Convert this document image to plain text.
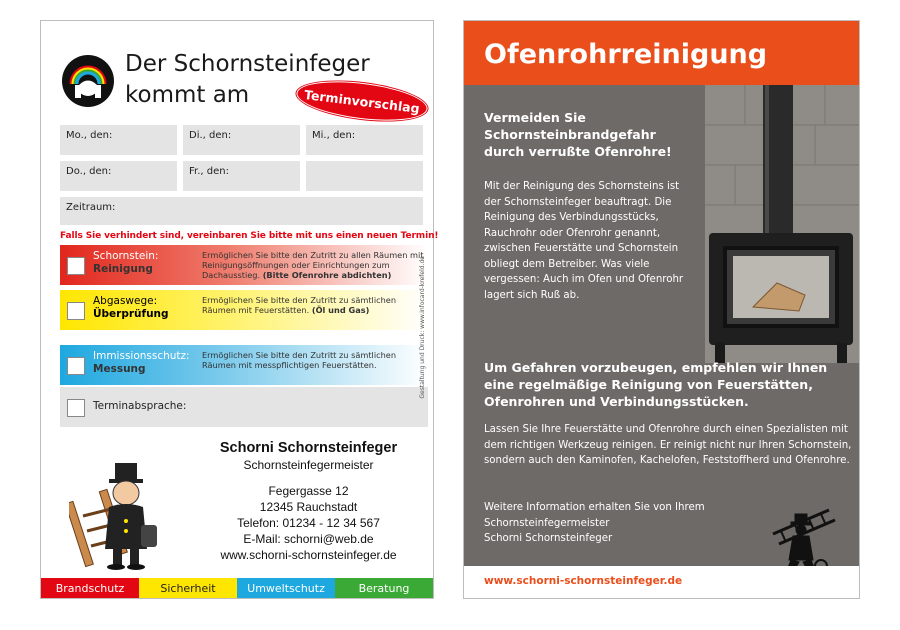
Der Schornsteinfeger
kommt am	Terminvorschlag
Mo., den:	Di., den:	Mi., den:
Do., den:	Fr., den:
Zeitraum:
Falls Sie verhindert sind, vereinbaren Sie bitte mit uns einen neuen Termin!
Schornstein:
Reinigung
Ermöglichen Sie bitte den Zutritt zu allen Räumen mit Reinigungsöffnungen oder Einrichtungen zum Dachausstieg. (Bitte Ofenrohre abdichten)
Abgaswege:
Überprüfung
Ermöglichen Sie bitte den Zutritt zu sämtlichen Räumen mit Feuerstätten. (Öl und Gas)
Immissionsschutz:
Messung
Ermöglichen Sie bitte den Zutritt zu sämtlichen Räumen mit messpflichtigen Feuerstätten.
Terminabsprache:
Gestaltung und Druck: www.infocard-krefeld.de
Schorni Schornsteinfeger
Schornsteinfegermeister
Fegergasse 12
12345 Rauchstadt
Telefon: 01234 - 12 34 567
E-Mail: schorni@web.de
www.schorni-schornsteinfeger.de
Brandschutz	Sicherheit	Umweltschutz	Beratung
Ofenrohrreinigung
Vermeiden Sie Schornsteinbrandgefahr durch verrußte Ofenrohre!
Mit der Reinigung des Schornsteins ist der Schornsteinfeger beauftragt. Die Reinigung des Verbindungsstücks, Rauchrohr oder Ofenrohr genannt, zwischen Feuerstätte und Schornstein obliegt dem Betreiber. Was viele vergessen: Auch im Ofen und Ofenrohr lagert sich Ruß ab.
Um Gefahren vorzubeugen, empfehlen wir Ihnen eine regelmäßige Reinigung von Feuerstätten, Ofenrohren und Verbindungsstücken.
Lassen Sie Ihre Feuerstätte und Ofenrohre durch einen Spezialisten mit dem richtigen Werkzeug reinigen. Er reinigt nicht nur Ihren Schornstein, sondern auch den Kaminofen, Kachelofen, Feststoffherd und Ofenrohre.
Weitere Information erhalten Sie von Ihrem
Schornsteinfegermeister
Schorni Schornsteinfeger
www.schorni-schornsteinfeger.de
